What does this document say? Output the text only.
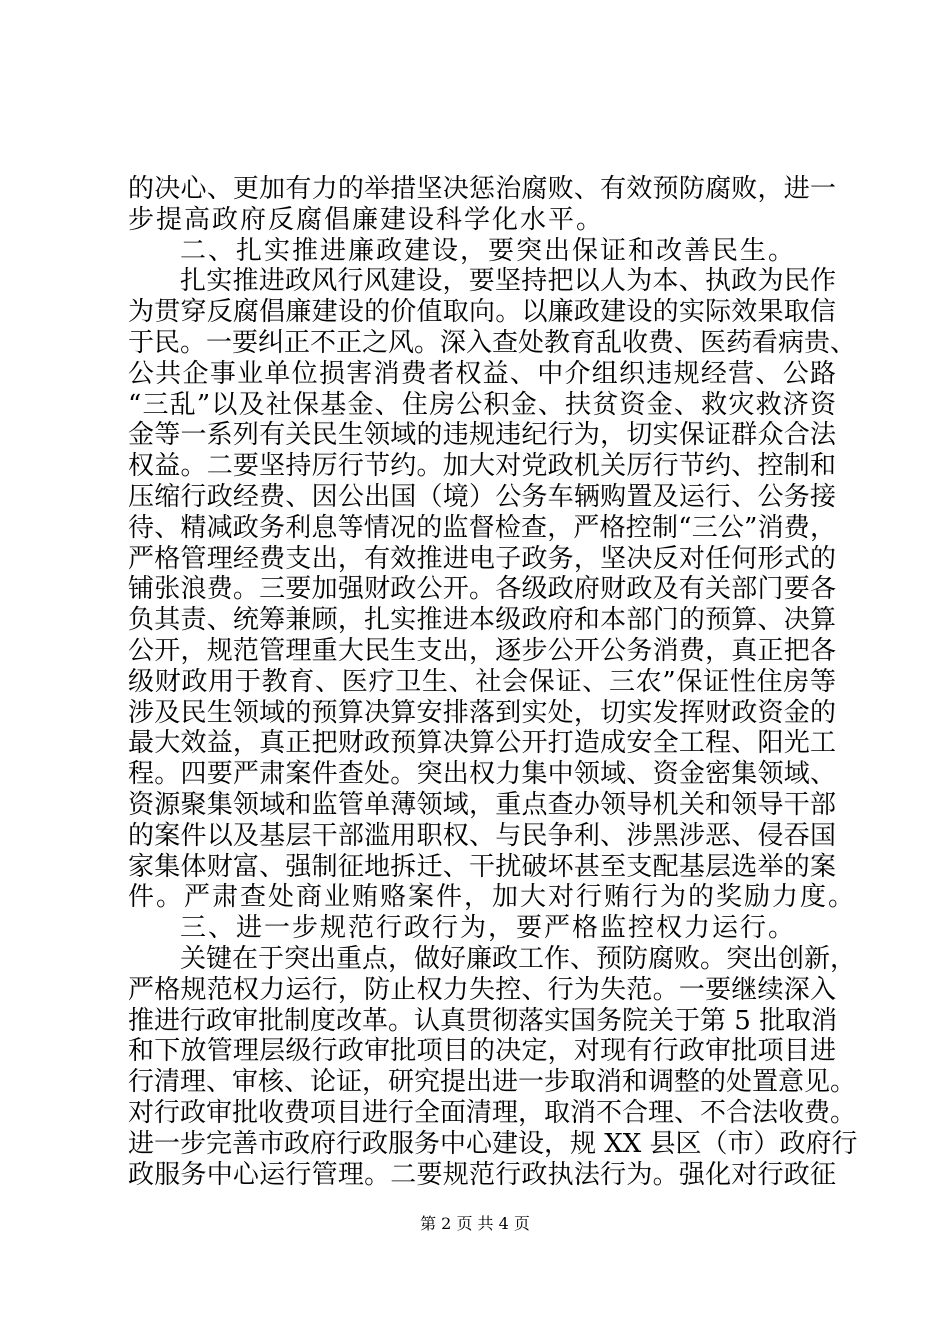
的决心、更加有力的举措坚决惩治腐败、有效预防腐败，进一
步提高政府反腐倡廉建设科学化水平。
二、扎实推进廉政建设，要突出保证和改善民生。
扎实推进政风行风建设，要坚持把以人为本、执政为民作
为贯穿反腐倡廉建设的价值取向。以廉政建设的实际效果取信
于民。一要纠正不正之风。深入查处教育乱收费、医药看病贵、
公共企事业单位损害消费者权益、中介组织违规经营、公路
“三乱”以及社保基金、住房公积金、扶贫资金、救灾救济资
金等一系列有关民生领域的违规违纪行为，切实保证群众合法
权益。二要坚持厉行节约。加大对党政机关厉行节约、控制和
压缩行政经费、因公出国（境）公务车辆购置及运行、公务接
待、精减政务利息等情况的监督检查，严格控制“三公”消费，
严格管理经费支出，有效推进电子政务，坚决反对任何形式的
铺张浪费。三要加强财政公开。各级政府财政及有关部门要各
负其责、统筹兼顾，扎实推进本级政府和本部门的预算、决算
公开，规范管理重大民生支出，逐步公开公务消费，真正把各
级财政用于教育、医疗卫生、社会保证、三农”保证性住房等
涉及民生领域的预算决算安排落到实处，切实发挥财政资金的
最大效益，真正把财政预算决算公开打造成安全工程、阳光工
程。四要严肃案件查处。突出权力集中领域、资金密集领域、
资源聚集领域和监管单薄领域，重点查办领导机关和领导干部
的案件以及基层干部滥用职权、与民争利、涉黑涉恶、侵吞国
家集体财富、强制征地拆迁、干扰破坏甚至支配基层选举的案
件。严肃查处商业贿赂案件，加大对行贿行为的奖励力度。
三、进一步规范行政行为，要严格监控权力运行。
关键在于突出重点，做好廉政工作、预防腐败。突出创新，
严格规范权力运行，防止权力失控、行为失范。一要继续深入
推进行政审批制度改革。认真贯彻落实国务院关于第 5 批取消
和下放管理层级行政审批项目的决定，对现有行政审批项目进
行清理、审核、论证，研究提出进一步取消和调整的处置意见。
对行政审批收费项目进行全面清理，取消不合理、不合法收费。
进一步完善市政府行政服务中心建设，规 XX 县区（市）政府行
政服务中心运行管理。二要规范行政执法行为。强化对行政征
第 2 页 共 4 页
